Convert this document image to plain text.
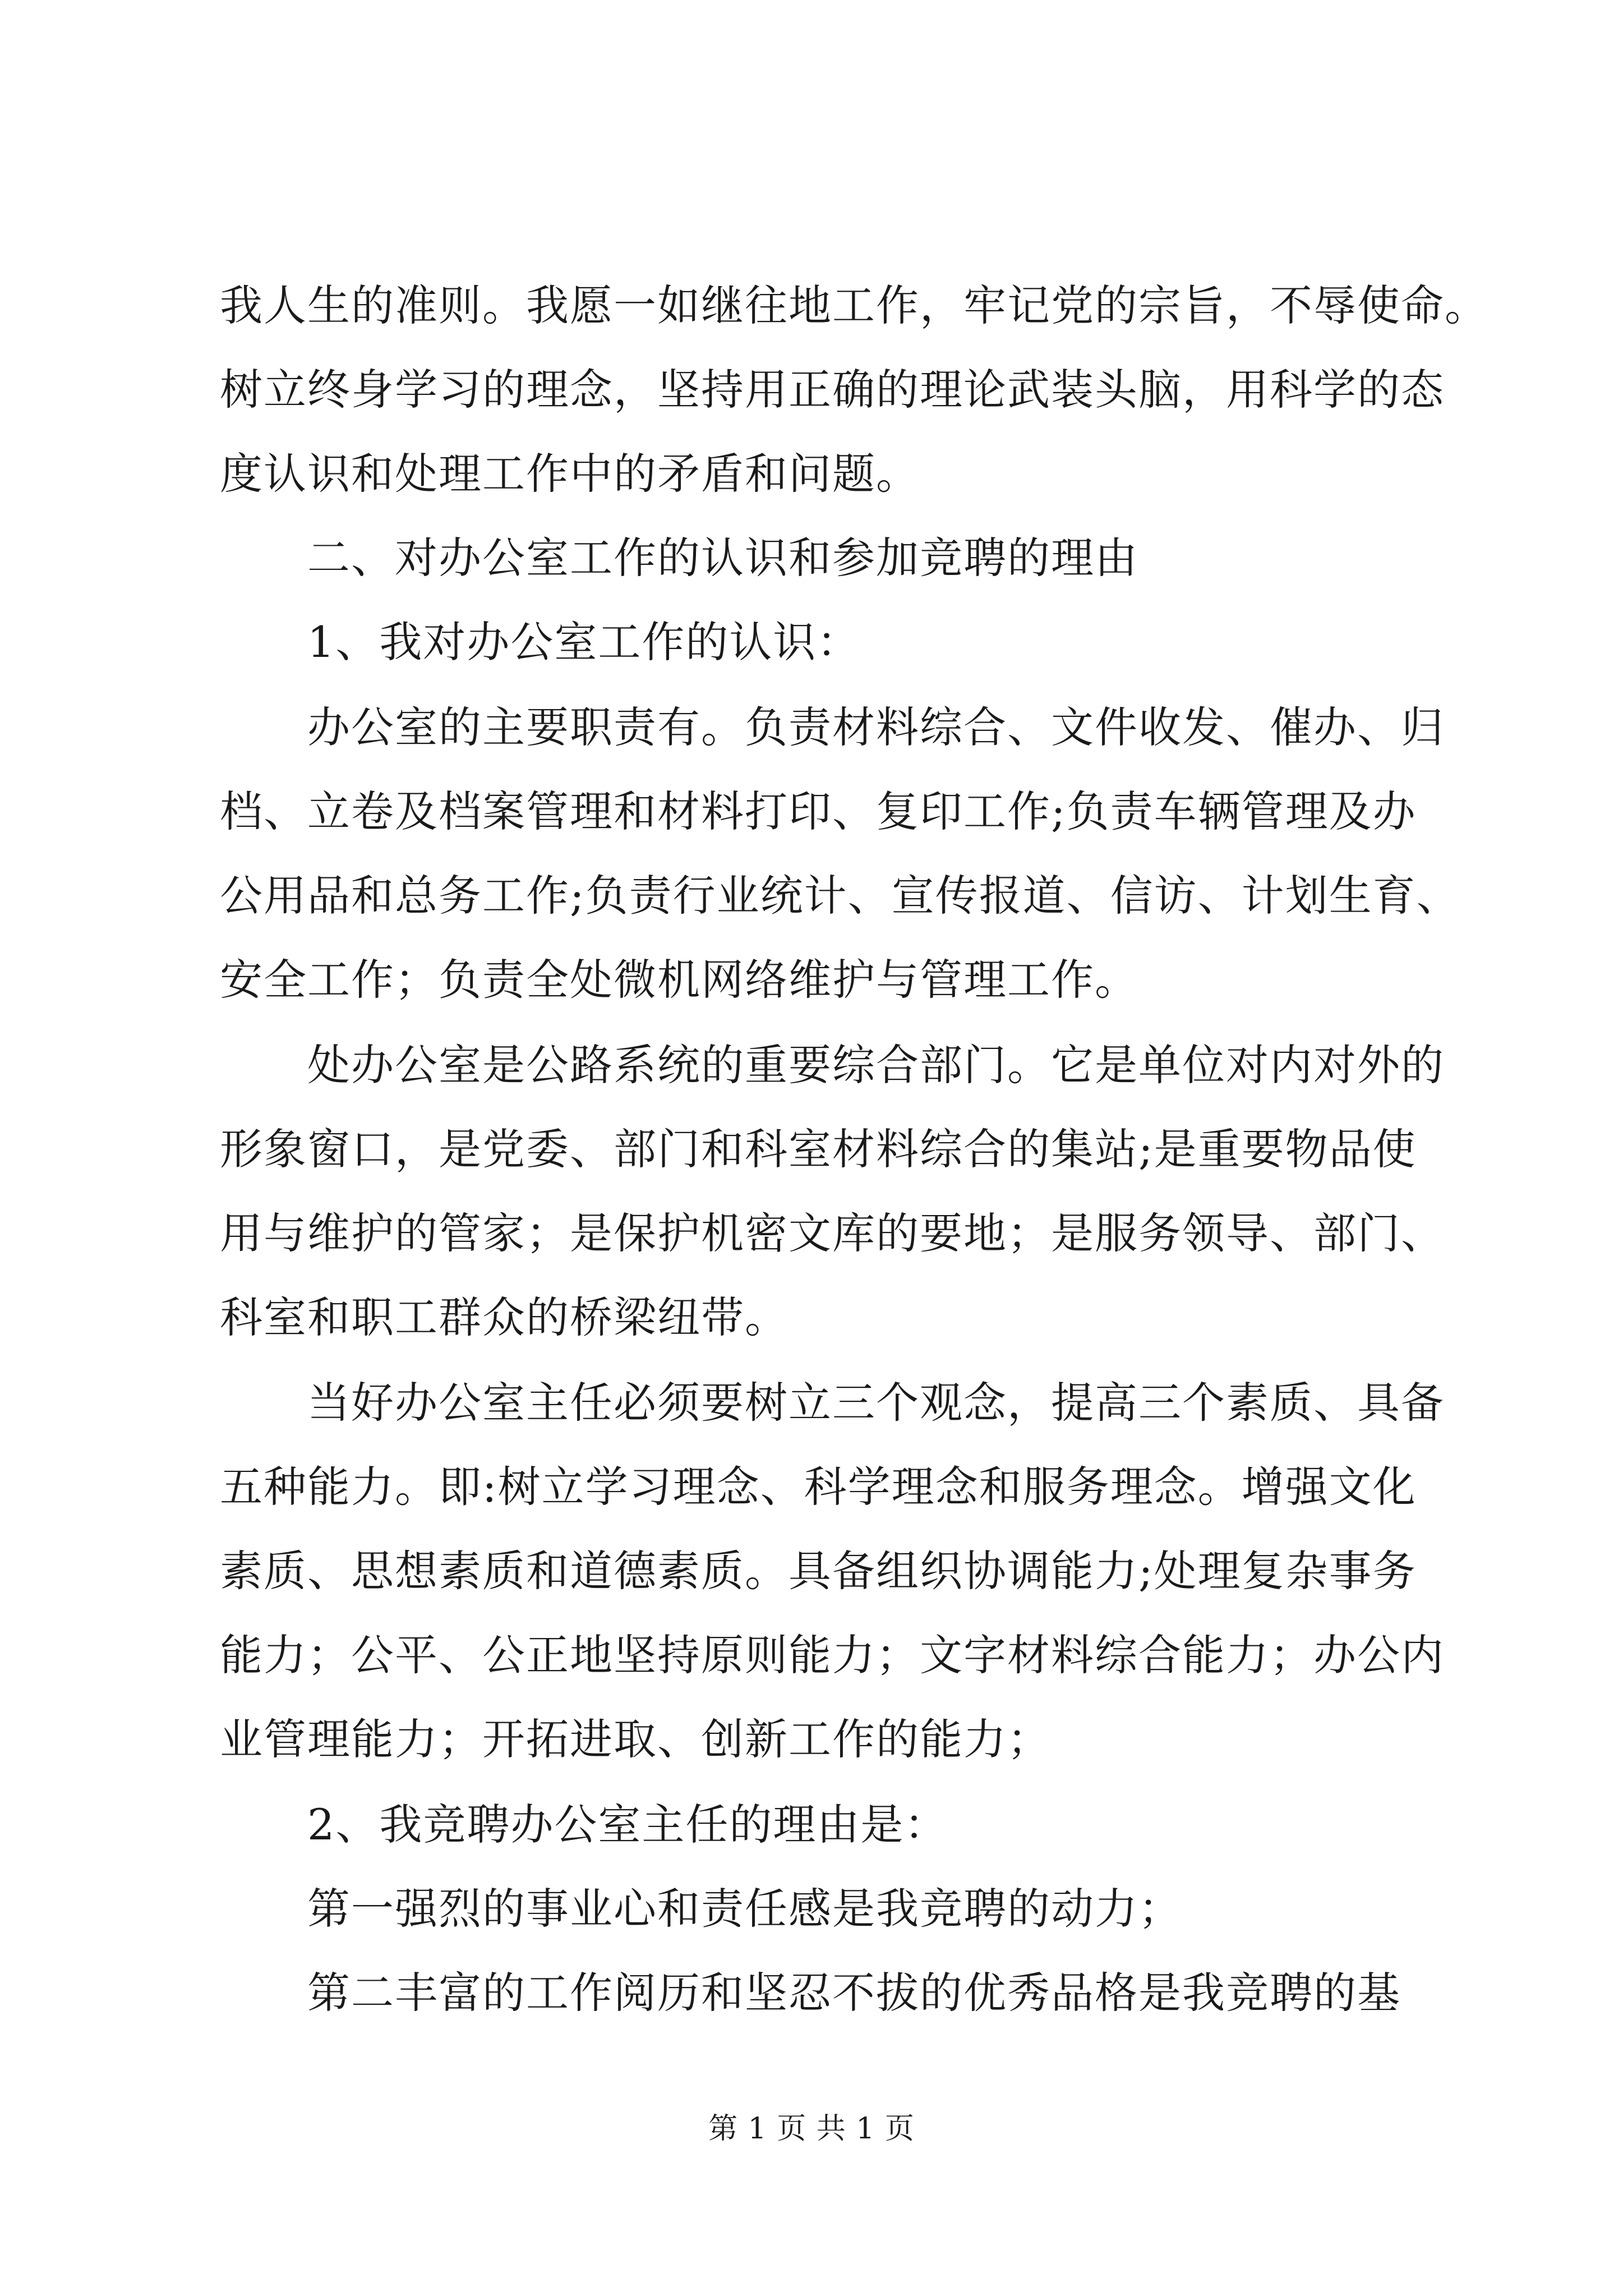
我人生的准则。我愿一如继往地工作，牢记党的宗旨，不辱使命。
树立终身学习的理念，坚持用正确的理论武装头脑，用科学的态
度认识和处理工作中的矛盾和问题。
　　二、对办公室工作的认识和参加竞聘的理由
　　1、我对办公室工作的认识：
　　办公室的主要职责有。负责材料综合、文件收发、催办、归
档、立卷及档案管理和材料打印、复印工作;负责车辆管理及办
公用品和总务工作;负责行业统计、宣传报道、信访、计划生育、
安全工作；负责全处微机网络维护与管理工作。
　　处办公室是公路系统的重要综合部门。它是单位对内对外的
形象窗口，是党委、部门和科室材料综合的集站;是重要物品使
用与维护的管家；是保护机密文库的要地；是服务领导、部门、
科室和职工群众的桥梁纽带。
　　当好办公室主任必须要树立三个观念，提高三个素质、具备
五种能力。即:树立学习理念、科学理念和服务理念。增强文化
素质、思想素质和道德素质。具备组织协调能力;处理复杂事务
能力；公平、公正地坚持原则能力；文字材料综合能力；办公内
业管理能力；开拓进取、创新工作的能力；
　　2、我竞聘办公室主任的理由是：
　　第一强烈的事业心和责任感是我竞聘的动力；
　　第二丰富的工作阅历和坚忍不拔的优秀品格是我竞聘的基
第 1 页 共 1 页
